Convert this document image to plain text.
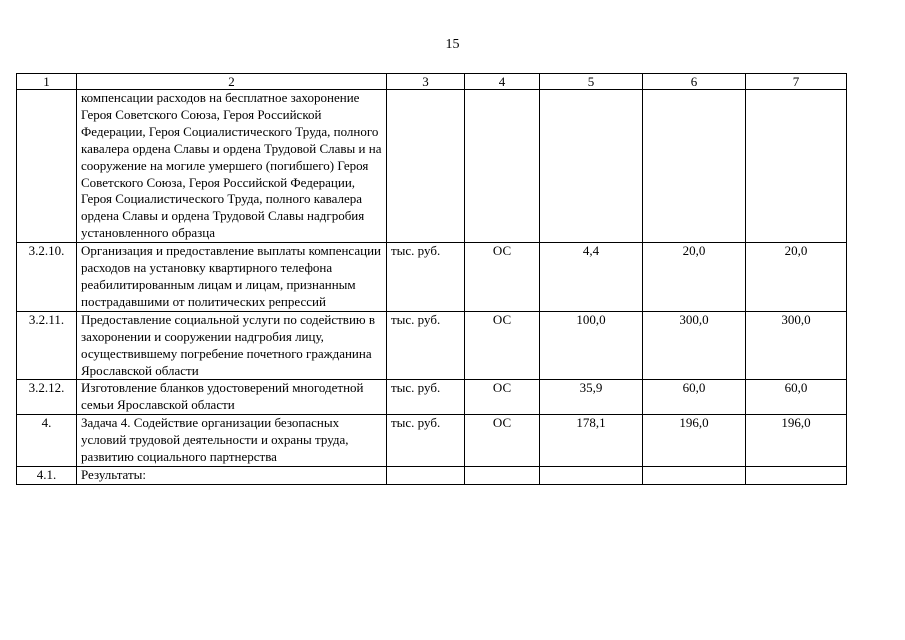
15
1	2	3	4	5	6	7
	компенсации расходов на бесплатное захоронение Героя Советского Союза, Героя Российской Федерации, Героя Социалистического Труда, полного кавалера ордена Славы и ордена Трудовой Славы и на сооружение на могиле умершего (погибшего) Героя Советского Союза, Героя Российской Федерации, Героя Социалистического Труда, полного кавалера ордена Славы и ордена Трудовой Славы надгробия установленного образца					
3.2.10.	Организация и предоставление выплаты компенсации расходов на установку квартирного телефона реабилитированным лицам и лицам, признанным пострадавшими от политических репрессий	тыс. руб.	ОС	4,4	20,0	20,0
3.2.11.	Предоставление социальной услуги по содействию в захоронении и сооружении надгробия лицу, осуществившему погребение почетного гражданина Ярославской области	тыс. руб.	ОС	100,0	300,0	300,0
3.2.12.	Изготовление бланков удостоверений многодетной семьи Ярославской области	тыс. руб.	ОС	35,9	60,0	60,0
4.	Задача 4. Содействие организации безопасных условий трудовой деятельности и охраны труда, развитию социального партнерства	тыс. руб.	ОС	178,1	196,0	196,0
4.1.	Результаты:					
